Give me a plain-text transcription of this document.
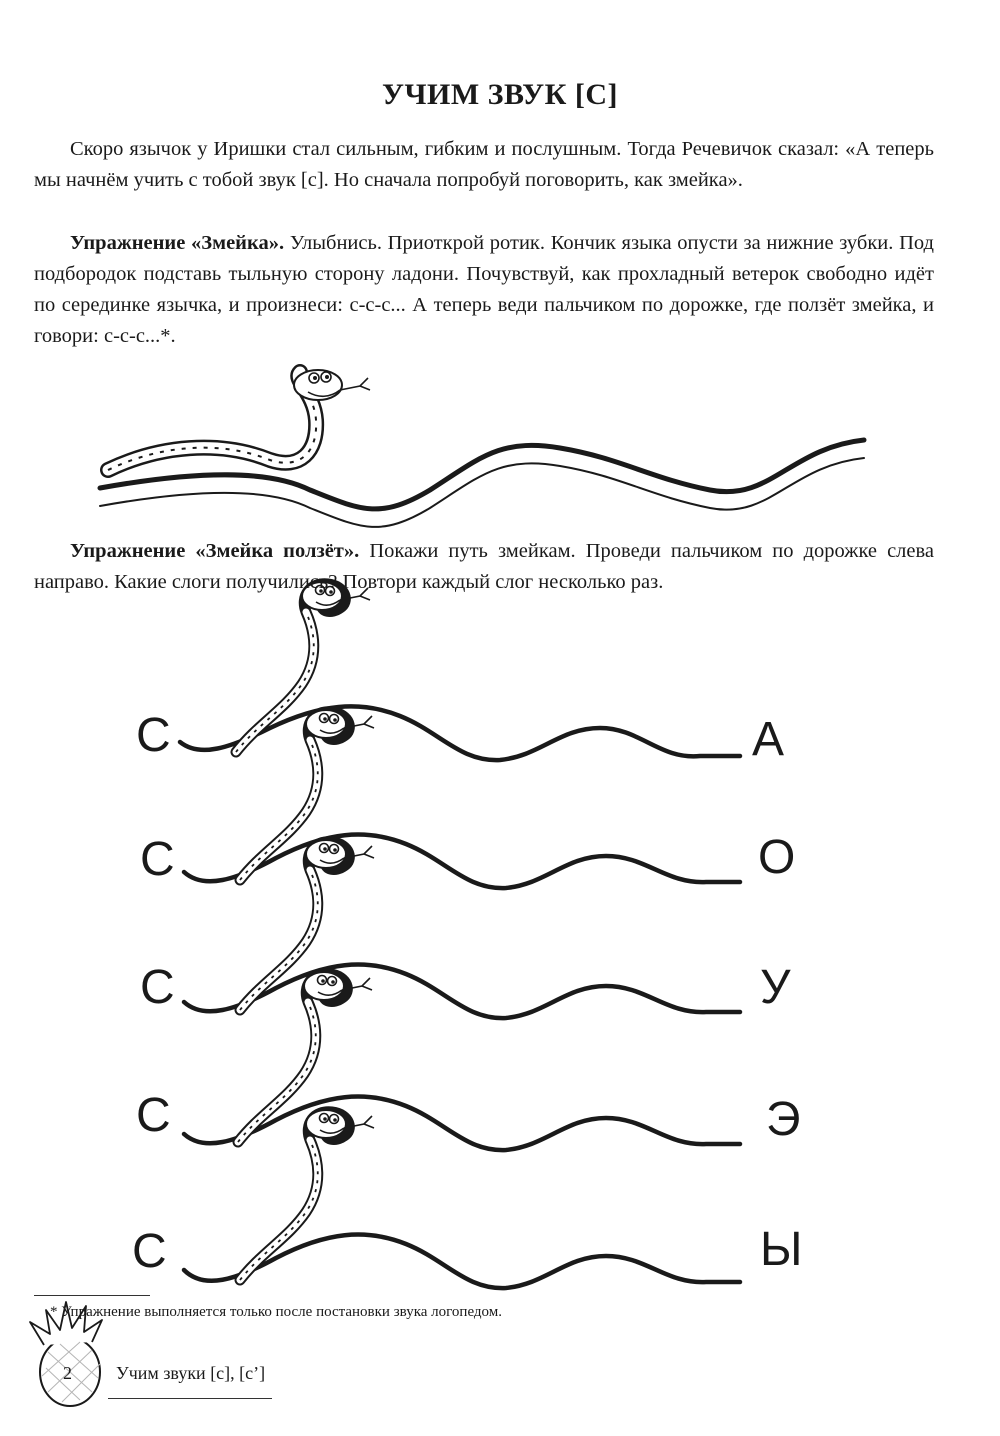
УЧИМ ЗВУК [С]

Скоро язычок у Иришки стал сильным, гибким и послушным. Тогда Речевичок сказал: «А теперь мы начнём учить с тобой звук [с]. Но сначала попробуй поговорить, как змейка».

Упражнение «Змейка». Улыбнись. Приоткрой ротик. Кончик языка опусти за нижние зубки. Под подбородок подставь тыльную сторону ладони. Почувствуй, как прохладный ветерок свободно идёт по серединке язычка, и произнеси: с-с-с... А теперь веди пальчиком по дорожке, где ползёт змейка, и говори: с-с-с...*.

Упражнение «Змейка ползёт». Покажи путь змейкам. Проведи пальчиком по дорожке слева направо. Какие слоги получились? Повтори каждый слог несколько раз.

С
С
С
С
С
А
О
У
Э
Ы
* Упражнение выполняется только после постановки звука логопедом.
2 Учим звуки [с], [с’]
